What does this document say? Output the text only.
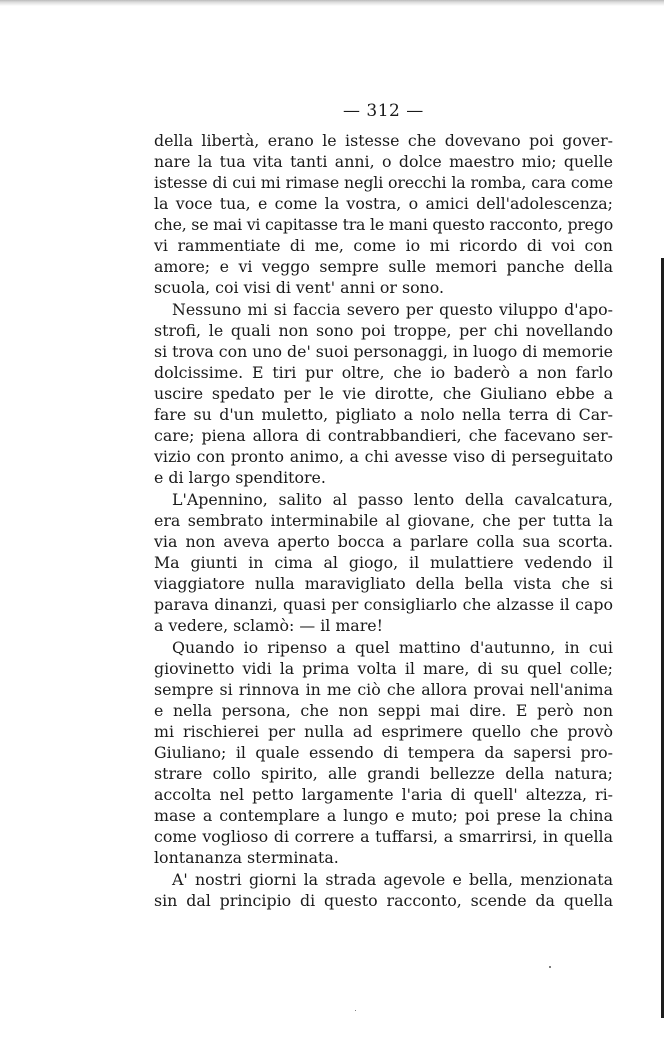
— 312 —
della libertà, erano le istesse che dovevano poi gover-
nare la tua vita tanti anni, o dolce maestro mio; quelle
istesse di cui mi rimase negli orecchi la romba, cara come
la voce tua, e come la vostra, o amici dell'adolescenza;
che, se mai vi capitasse tra le mani questo racconto, prego
vi rammentiate di me, come io mi ricordo di voi con
amore; e vi veggo sempre sulle memori panche della
scuola, coi visi di vent' anni or sono.
Nessuno mi si faccia severo per questo viluppo d'apo-
strofi, le quali non sono poi troppe, per chi novellando
si trova con uno de' suoi personaggi, in luogo di memorie
dolcissime. E tiri pur oltre, che io baderò a non farlo
uscire spedato per le vie dirotte, che Giuliano ebbe a
fare su d'un muletto, pigliato a nolo nella terra di Car-
care; piena allora di contrabbandieri, che facevano ser-
vizio con pronto animo, a chi avesse viso di perseguitato
e di largo spenditore.
L'Apennino, salito al passo lento della cavalcatura,
era sembrato interminabile al giovane, che per tutta la
via non aveva aperto bocca a parlare colla sua scorta.
Ma giunti in cima al giogo, il mulattiere vedendo il
viaggiatore nulla maravigliato della bella vista che si
parava dinanzi, quasi per consigliarlo che alzasse il capo
a vedere, sclamò: — il mare!
Quando io ripenso a quel mattino d'autunno, in cui
giovinetto vidi la prima volta il mare, di su quel colle;
sempre si rinnova in me ciò che allora provai nell'anima
e nella persona, che non seppi mai dire. E però non
mi rischierei per nulla ad esprimere quello che provò
Giuliano; il quale essendo di tempera da sapersi pro-
strare collo spirito, alle grandi bellezze della natura;
accolta nel petto largamente l'aria di quell' altezza, ri-
mase a contemplare a lungo e muto; poi prese la china
come voglioso di correre a tuffarsi, a smarrirsi, in quella
lontananza sterminata.
A' nostri giorni la strada agevole e bella, menzionata
sin dal principio di questo racconto, scende da quella
